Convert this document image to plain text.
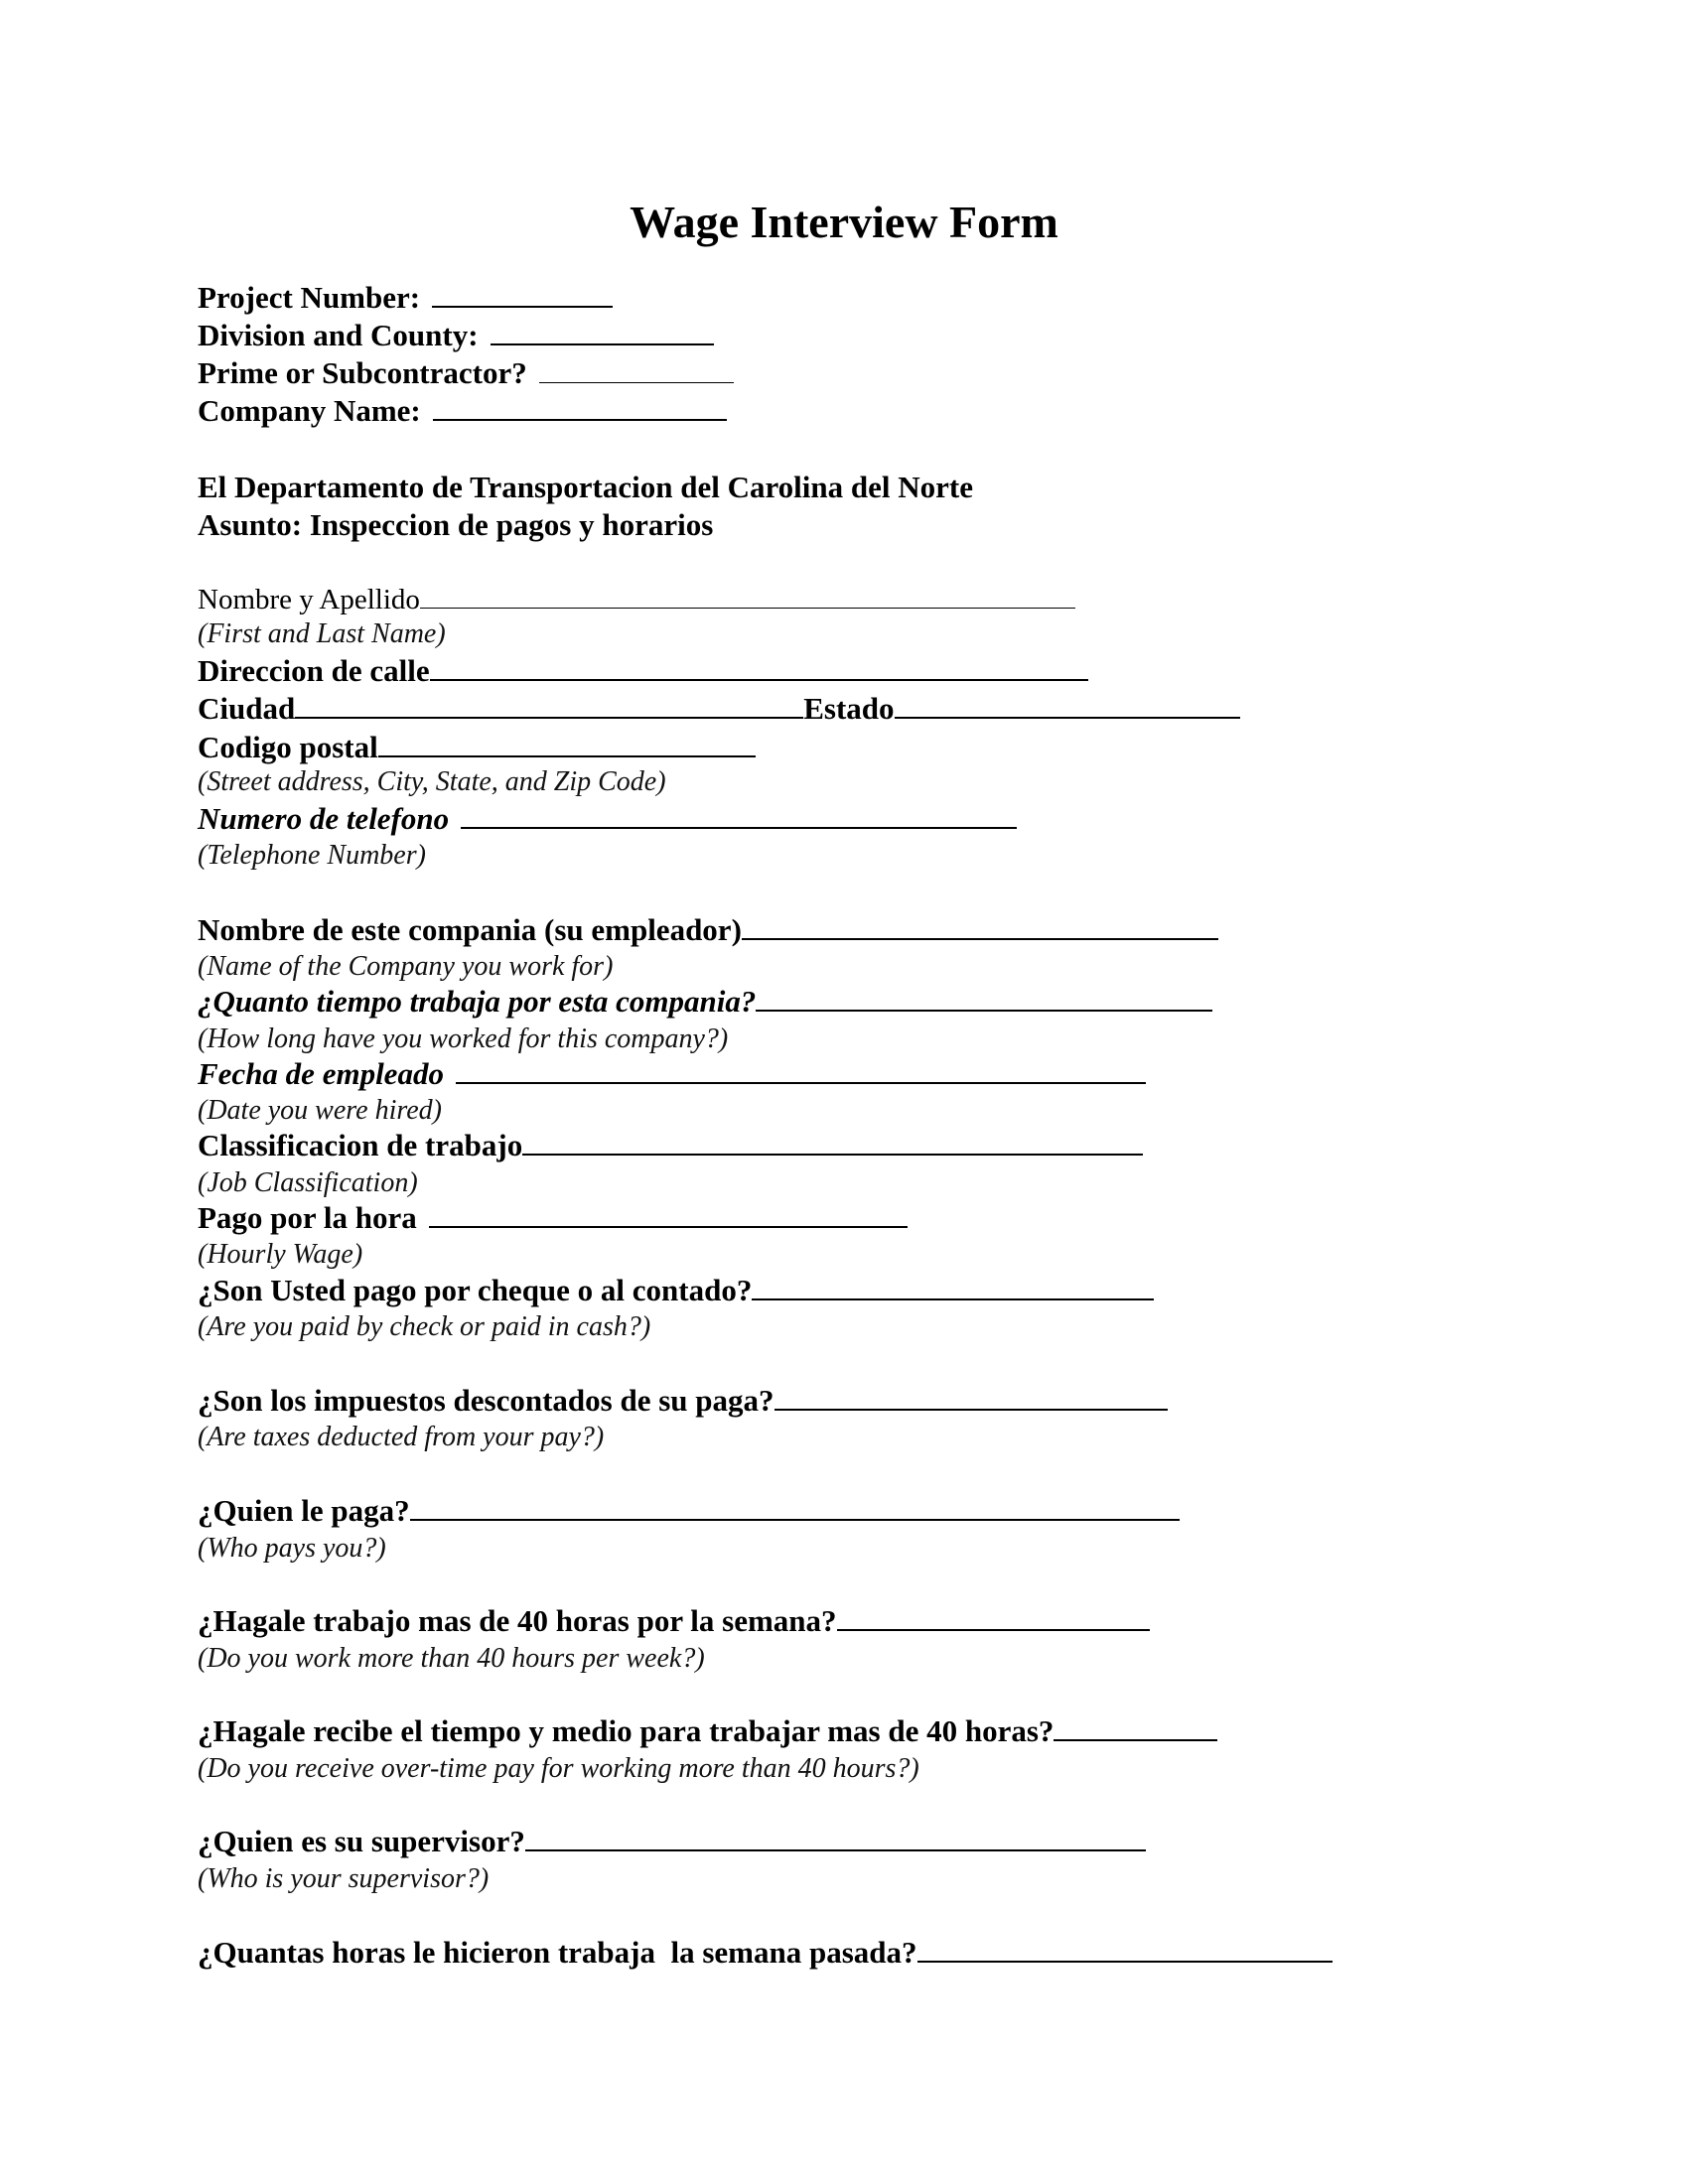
Wage Interview Form
Project Number:
Division and County:
Prime or Subcontractor?
Company Name:
El Departamento de Transportacion del Carolina del Norte
Asunto: Inspeccion de pagos y horarios
Nombre y Apellido
(First and Last Name)
Direccion de calle
Ciudad	Estado
Codigo postal
(Street address, City, State, and Zip Code)
Numero de telefono
(Telephone Number)
Nombre de este compania (su empleador)
(Name of the Company you work for)
¿Quanto tiempo trabaja por esta compania?
(How long have you worked for this company?)
Fecha de empleado
(Date you were hired)
Classificacion de trabajo
(Job Classification)
Pago por la hora
(Hourly Wage)
¿Son Usted pago por cheque o al contado?
(Are you paid by check or paid in cash?)
¿Son los impuestos descontados de su paga?
(Are taxes deducted from your pay?)
¿Quien le paga?
(Who pays you?)
¿Hagale trabajo mas de 40 horas por la semana?
(Do you work more than 40 hours per week?)
¿Hagale recibe el tiempo y medio para trabajar mas de 40 horas?
(Do you receive over-time pay for working more than 40 hours?)
¿Quien es su supervisor?
(Who is your supervisor?)
¿Quantas horas le hicieron trabaja  la semana pasada?
